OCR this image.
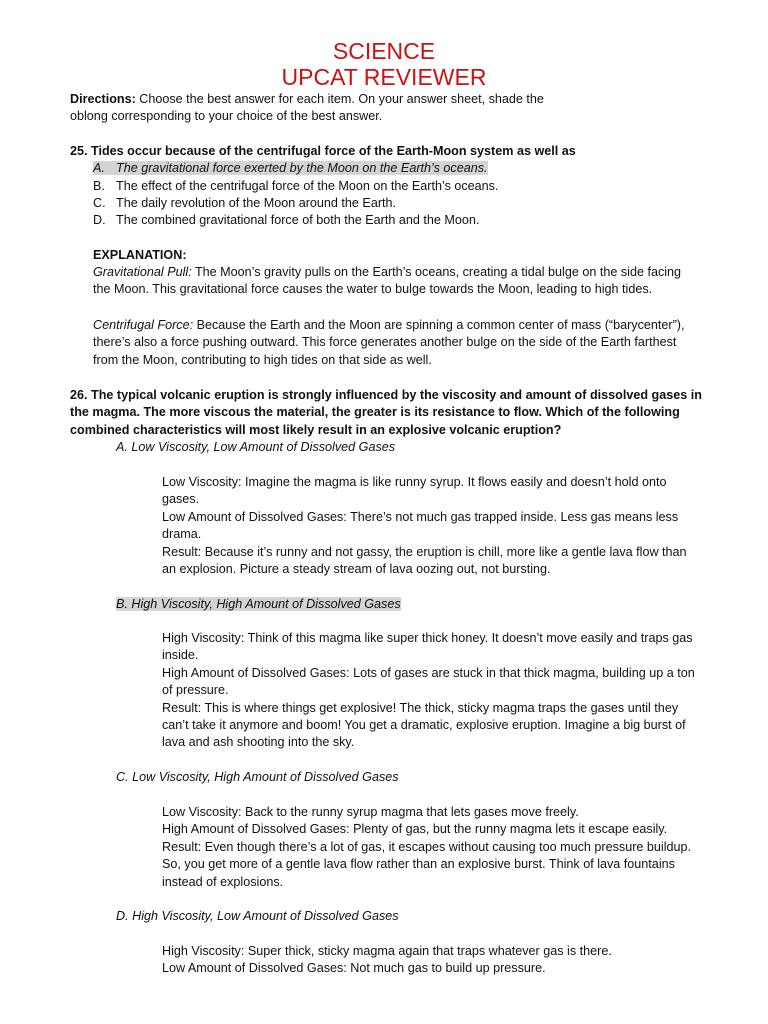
SCIENCE
UPCAT REVIEWER
Directions: Choose the best answer for each item. On your answer sheet, shade the oblong corresponding to your choice of the best answer.
25. Tides occur because of the centrifugal force of the Earth-Moon system as well as
A. The gravitational force exerted by the Moon on the Earth’s oceans.
B. The effect of the centrifugal force of the Moon on the Earth’s oceans.
C. The daily revolution of the Moon around the Earth.
D. The combined gravitational force of both the Earth and the Moon.
EXPLANATION:
Gravitational Pull: The Moon’s gravity pulls on the Earth’s oceans, creating a tidal bulge on the side facing the Moon. This gravitational force causes the water to bulge towards the Moon, leading to high tides.
Centrifugal Force: Because the Earth and the Moon are spinning a common center of mass (“barycenter”), there’s also a force pushing outward. This force generates another bulge on the side of the Earth farthest from the Moon, contributing to high tides on that side as well.
26. The typical volcanic eruption is strongly influenced by the viscosity and amount of dissolved gases in the magma. The more viscous the material, the greater is its resistance to flow. Which of the following combined characteristics will most likely result in an explosive volcanic eruption?
A. Low Viscosity, Low Amount of Dissolved Gases
Low Viscosity: Imagine the magma is like runny syrup. It flows easily and doesn’t hold onto gases.
Low Amount of Dissolved Gases: There’s not much gas trapped inside. Less gas means less drama.
Result: Because it’s runny and not gassy, the eruption is chill, more like a gentle lava flow than an explosion. Picture a steady stream of lava oozing out, not bursting.
B. High Viscosity, High Amount of Dissolved Gases
High Viscosity: Think of this magma like super thick honey. It doesn’t move easily and traps gas inside.
High Amount of Dissolved Gases: Lots of gases are stuck in that thick magma, building up a ton of pressure.
Result: This is where things get explosive! The thick, sticky magma traps the gases until they can’t take it anymore and boom! You get a dramatic, explosive eruption. Imagine a big burst of lava and ash shooting into the sky.
C. Low Viscosity, High Amount of Dissolved Gases
Low Viscosity: Back to the runny syrup magma that lets gases move freely.
High Amount of Dissolved Gases: Plenty of gas, but the runny magma lets it escape easily.
Result: Even though there’s a lot of gas, it escapes without causing too much pressure buildup. So, you get more of a gentle lava flow rather than an explosive burst. Think of lava fountains instead of explosions.
D. High Viscosity, Low Amount of Dissolved Gases
High Viscosity: Super thick, sticky magma again that traps whatever gas is there.
Low Amount of Dissolved Gases: Not much gas to build up pressure.
